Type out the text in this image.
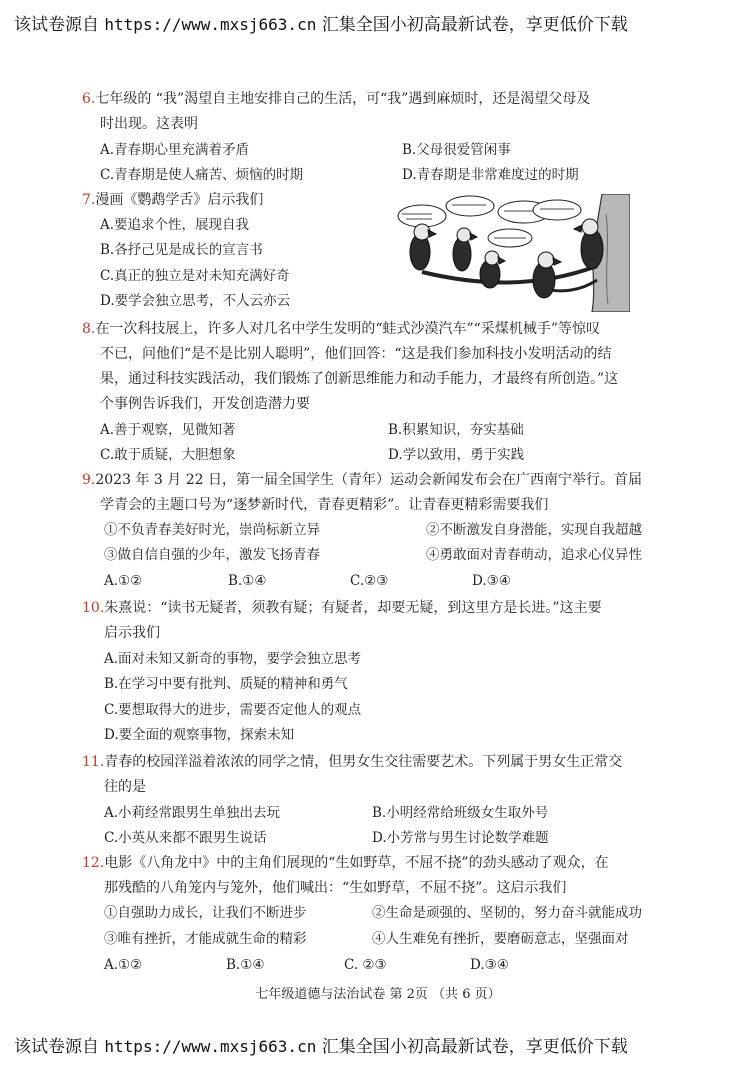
该试卷源自 https://www.mxsj663.cn 汇集全国小初高最新试卷，享更低价下载
6.七年级的 “我”渴望自主地安排自己的生活，可“我”遇到麻烦时，还是渴望父母及
时出现。这表明
A.青春期心里充满着矛盾	B.父母很爱管闲事
C.青春期是使人痛苦、烦恼的时期	D.青春期是非常难度过的时期
7.漫画《鹦鹉学舌》启示我们
A.要追求个性，展现自我
B.各抒己见是成长的宣言书
C.真正的独立是对未知充满好奇
D.要学会独立思考，不人云亦云
8.在一次科技展上，许多人对几名中学生发明的“蛙式沙漠汽车”“采煤机械手”等惊叹
不已，问他们“是不是比别人聪明”，他们回答：“这是我们参加科技小发明活动的结
果，通过科技实践活动，我们锻炼了创新思维能力和动手能力，才最终有所创造。”这
个事例告诉我们，开发创造潜力要
A.善于观察，见微知著	B.积累知识，夯实基础
C.敢于质疑，大胆想象	D.学以致用，勇于实践
9.2023 年 3 月 22 日，第一届全国学生（青年）运动会新闻发布会在广西南宁举行。首届
学青会的主题口号为“逐梦新时代，青春更精彩”。让青春更精彩需要我们
①不负青春美好时光，崇尚标新立异	②不断激发自身潜能，实现自我超越
③做自信自强的少年，激发飞扬青春	④勇敢面对青春萌动，追求心仪异性
A.①②	B.①④	C.②③	D.③④
10.朱熹说：“读书无疑者，须教有疑；有疑者，却要无疑，到这里方是长进。”这主要
启示我们
A.面对未知又新奇的事物，要学会独立思考
B.在学习中要有批判、质疑的精神和勇气
C.要想取得大的进步，需要否定他人的观点
D.要全面的观察事物，探索未知
11.青春的校园洋溢着浓浓的同学之情，但男女生交往需要艺术。下列属于男女生正常交
往的是
A.小莉经常跟男生单独出去玩	B.小明经常给班级女生取外号
C.小英从来都不跟男生说话	D.小芳常与男生讨论数学难题
12.电影《八角龙中》中的主角们展现的“生如野草，不屈不挠”的劲头感动了观众，在
那残酷的八角笼内与笼外，他们喊出：“生如野草，不屈不挠”。这启示我们
①自强助力成长，让我们不断进步	②生命是顽强的、坚韧的，努力奋斗就能成功
③唯有挫折，才能成就生命的精彩	④人生难免有挫折，要磨砺意志，坚强面对
A.①②	B.①④	C. ②③	D.③④
七年级道德与法治试卷 第 2页 （共 6 页）
该试卷源自 https://www.mxsj663.cn 汇集全国小初高最新试卷，享更低价下载
